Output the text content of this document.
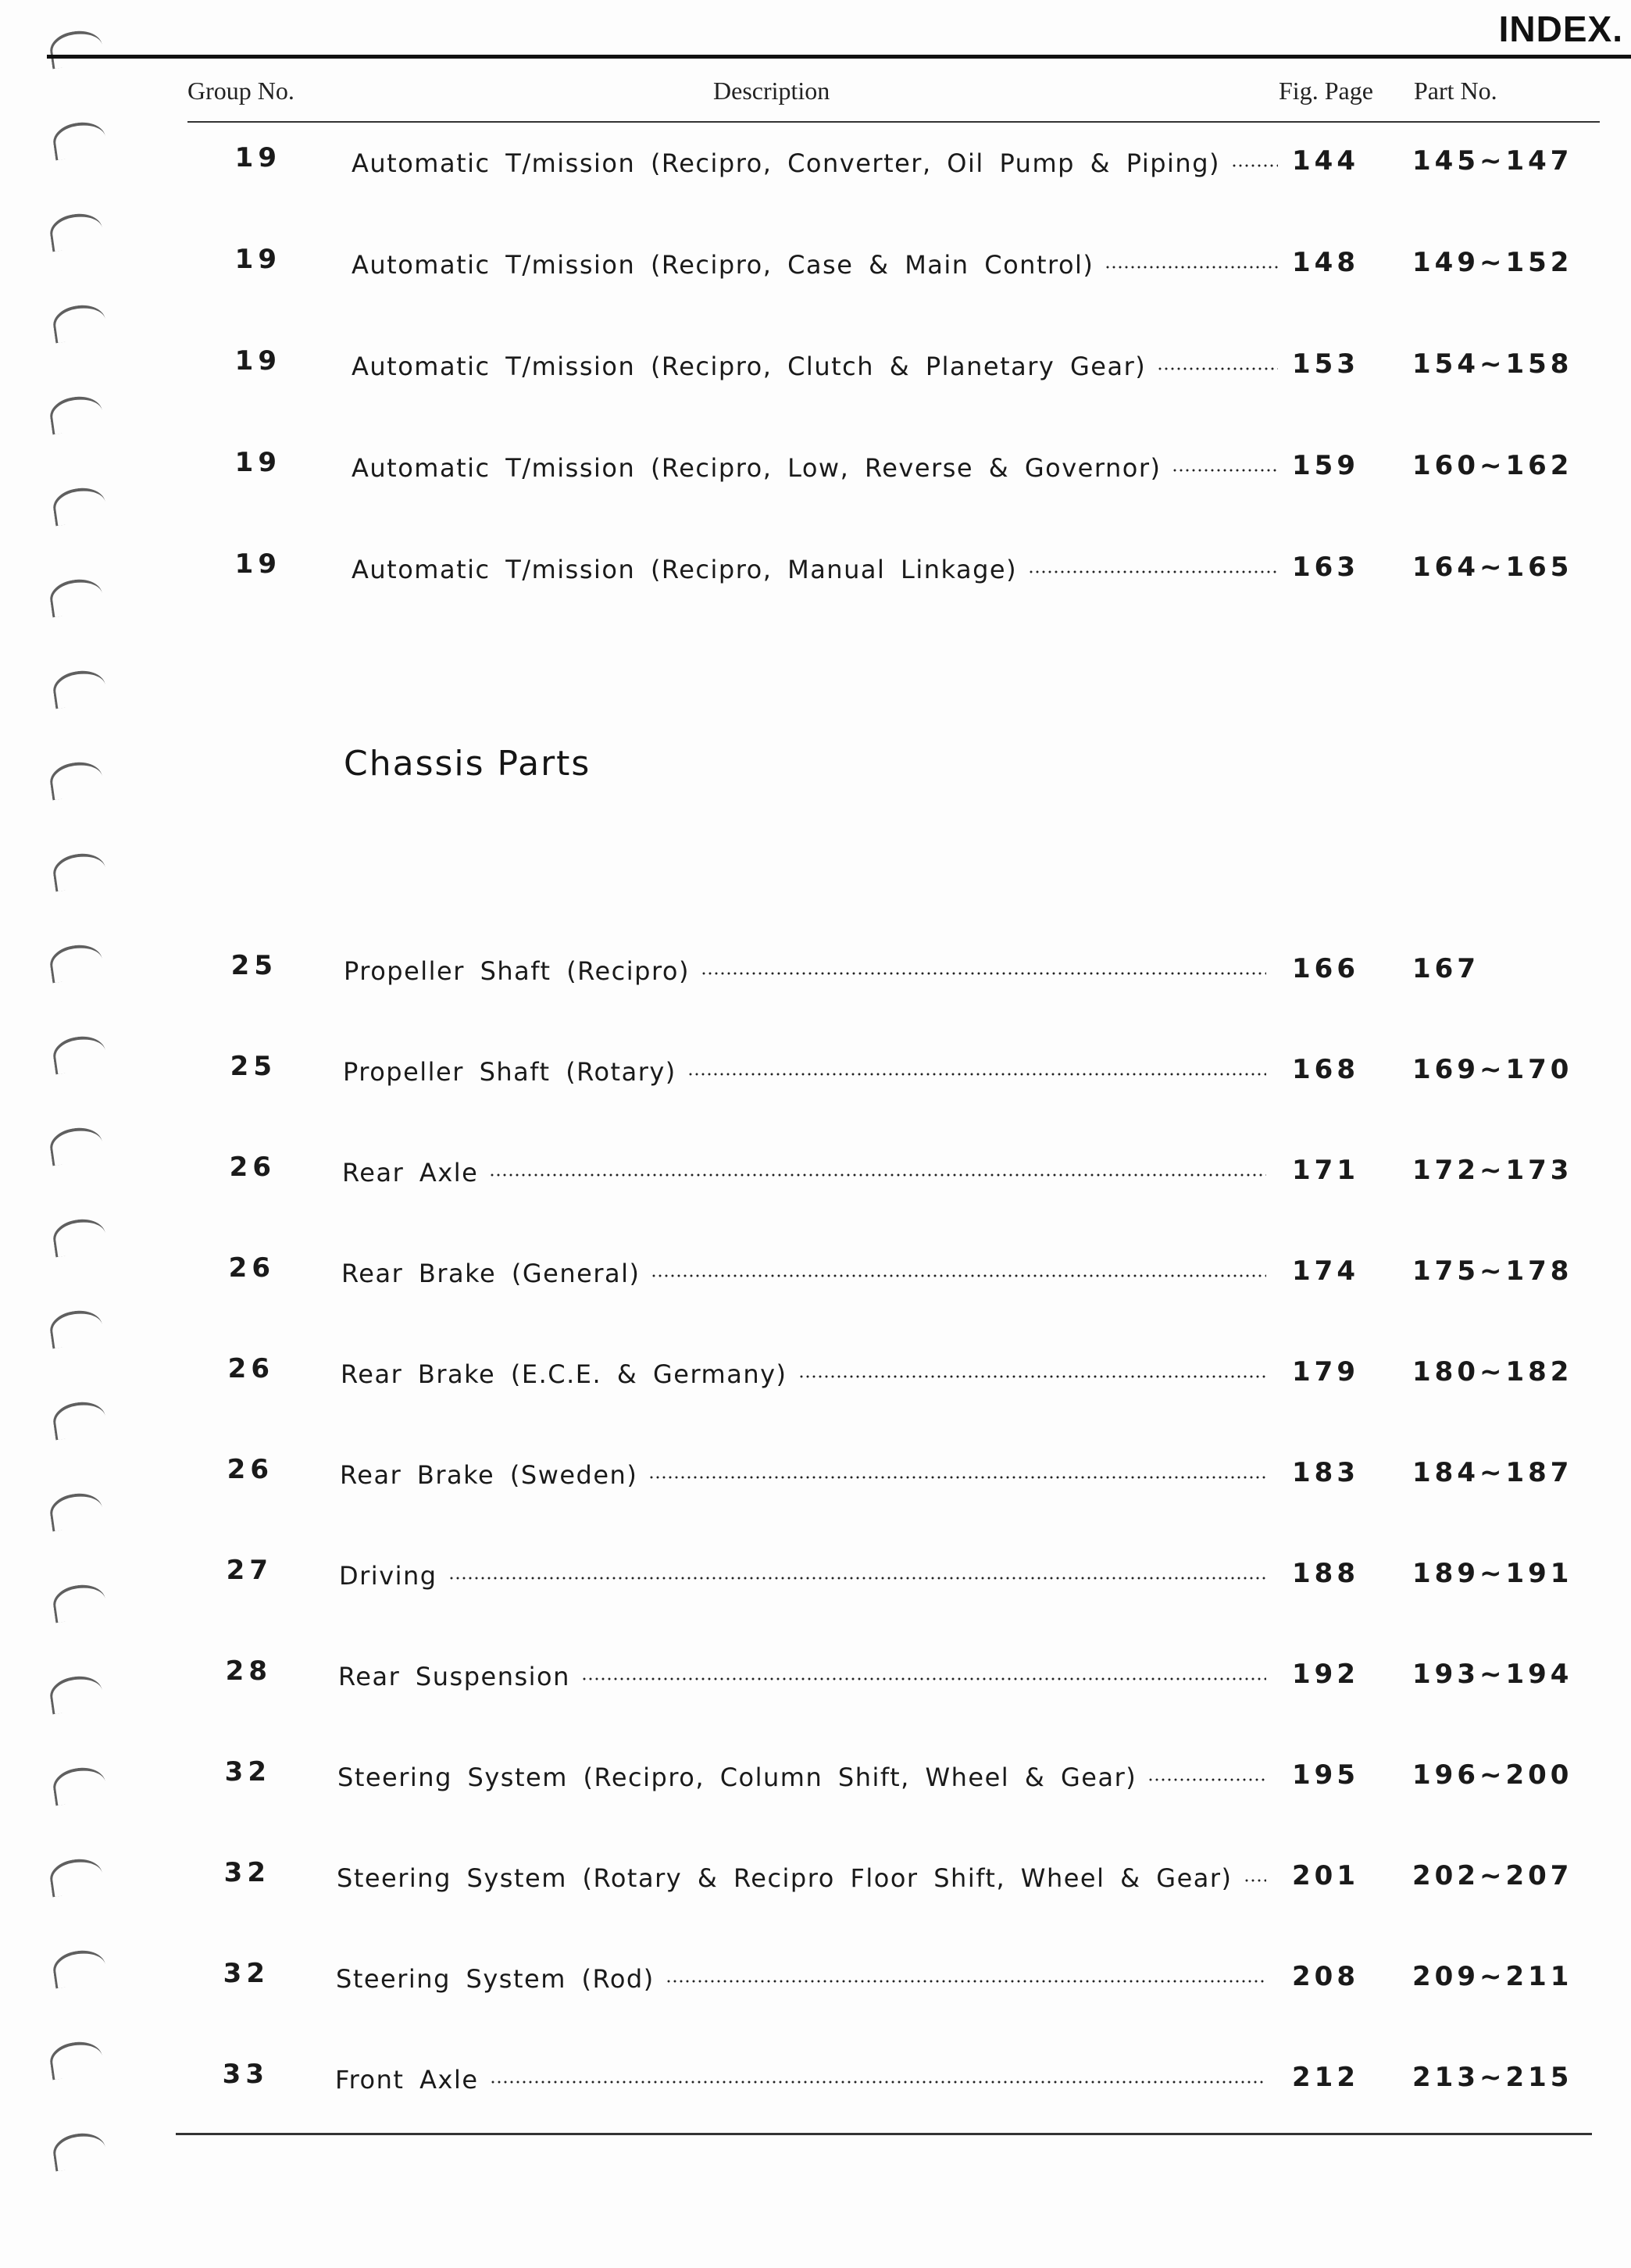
INDEX.
Group No.	Description	Fig. Page Part No.
19	Automatic T/mission (Recipro, Converter, Oil Pump & Piping)	144 145~147
19	Automatic T/mission (Recipro, Case & Main Control)	148 149~152
19	Automatic T/mission (Recipro, Clutch & Planetary Gear)	153 154~158
19	Automatic T/mission (Recipro, Low, Reverse & Governor)	159 160~162
19	Automatic T/mission (Recipro, Manual Linkage)	163 164~165
Chassis Parts
25	Propeller Shaft (Recipro)	166 167
25	Propeller Shaft (Rotary)	168 169~170
26	Rear Axle	171 172~173
26	Rear Brake (General)	174 175~178
26	Rear Brake (E.C.E. & Germany)	179 180~182
26	Rear Brake (Sweden)	183 184~187
27	Driving	188 189~191
28	Rear Suspension	192 193~194
32	Steering System (Recipro, Column Shift, Wheel & Gear)	195 196~200
32	Steering System (Rotary & Recipro Floor Shift, Wheel & Gear)	201 202~207
32	Steering System (Rod)	208 209~211
33	Front Axle	212 213~215
